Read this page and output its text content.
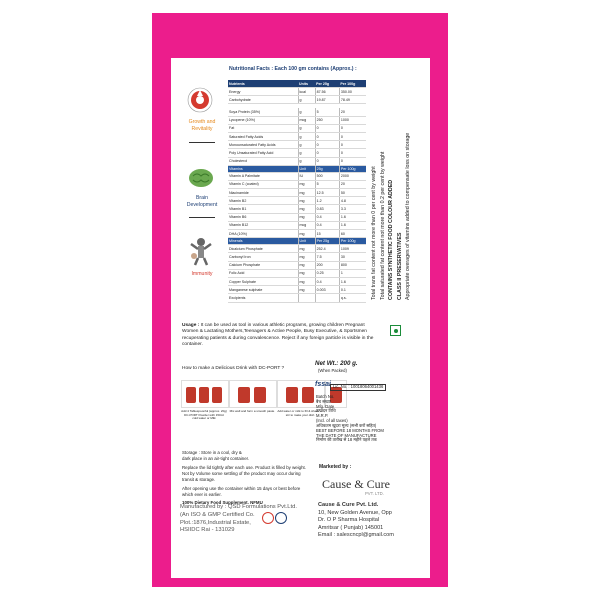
Growth and Revitality
Brain Development
Immunity
Nutritional Facts : Each 100 gm contains (Approx.) :
Nutrients	Units	Per 25g	Per 100g
Energy	kcal	87.56	350.00
Carbohydrate	g	19.87	78.49

Soya Protein (35%)	g	5	20
Lycopene (10%)	mcg	250	1000
Fat	g	0	0
Saturated Fatty Acids	g	0	0
Monounsaturated Fatty Acids	g	0	0
Poly Unsaturated Fatty Acid	g	0	0
Cholesterol	g	0	0
Vitamins	Unit	25g	Per 100g
Vitamin A Palmitate	IU	500	2000
Vitamin C (coated)	mg	5	20
Niacinamide	mg	12.5	50
Vitamin B2	mg	1.2	4.8
Vitamin B1	mg	0.83	3.3
Vitamin B6	mg	0.4	1.6
Vitamin B12	mcg	0.4	1.6
DHA (10%)	mg	15	60
Minerals	Unit	Per 25g	Per 100g
Dicalcium Phosphate	mg	252.4	1009
Carbonyl Iron	mg	7.5	30
Calcium Phosphate	mg	200	800
Folic Acid	mg	0.25	1
Copper Sulphate	mg	0.4	1.6
Manganese sulphate	mg	0.003	0.1
Excipients			q.s.	Total trans fat content not more than 0 per cent by weight Total saturated fat content not more than 0.2 per cent by weight CONTAINS SYNTHETIC FOOD COLOUR ADDED CLASS II PRESERVATIVES Appropriate overages of vitamins added to compensate loss on storage
Usage : It can be used as tool in various athletic programs, growing children Pregnant Women & Lactating Mothers,Teenagers & Active People, Busy Executive, & Sportsmen recuperating patients & during convalescence. Reject if any foreign particle is visible in the container.
How to make a Delicious Drink with DC-PORT ?
Add 4 Tablespoonful (approx. 20g) DC-PORT Powder with 150ml cold water or Milk
Mix well and form a smooth paste Add water or milk to fill & shake or stir to make your dish
Net Wt.: 200 g.
(When Packed)
Storage : Store in a cool, dry &
dark place in an air-tight container.
Replace the lid tightly after each use. Product is filled by weight. Not by Volume some settling of the product may occur during transit & storage.
After opening use the container within 15 days or best before which ever is earlier.
100% Dietary Food Supplement. NFMU
fssai Lic. No. : 10018064001436
Batch No.
बैच संख्या
Mfg. Date
उत्पादन तिथि
M.R.P.
(Incl. of all taxes)
अधिकतम खुदरा मूल्य (सभी करों सहित)
BEST BEFORE 18 MONTHS FROM
THE DATE OF MANUFACTURE
निर्माण की तारीख से 18 महीने पहले तक
Marketed by :
Cause & Cure
PVT. LTD.
Cause & Cure Pvt. Ltd.
10, New Golden Avenue, Opp
Dr. O P Sharma Hospital
Amritsar ( Punjab) 145001
Email : salescncpl@gmail.com
Manufactured by : QSD Formulations Pvt.Ltd.
(An ISO & GMP Certified Co.
Plot.:1876,Industrial Estate,
HSIIDC Rai - 131029
